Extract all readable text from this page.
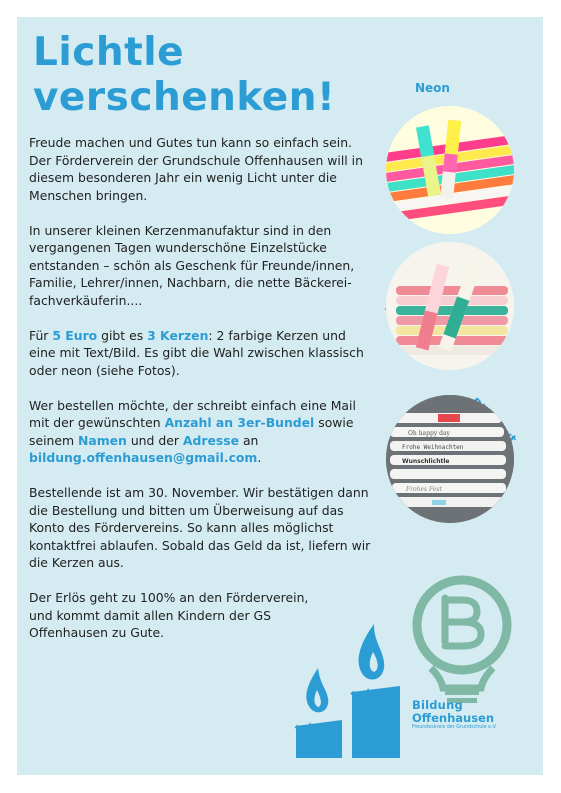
Lichtle
verschenken!

Freude machen und Gutes tun kann so einfach sein. Der Förderverein der Grundschule Offenhausen will in diesem besonderen Jahr ein wenig Licht unter die Menschen bringen.

In unserer kleinen Kerzenmanufaktur sind in den vergangenen Tagen wunderschöne Einzelstücke entstanden – schön als Geschenk für Freunde/innen, Familie, Lehrer/innen, Nachbarn, die nette Bäckerei-fachverkäuferin....

Für 5 Euro gibt es 3 Kerzen: 2 farbige Kerzen und eine mit Text/Bild. Es gibt die Wahl zwischen klassisch oder neon (siehe Fotos).

Wer bestellen möchte, der schreibt einfach eine Mail mit der gewünschten Anzahl an 3er-Bundel sowie seinem Namen und der Adresse an bildung.offenhausen@gmail.com.

Bestellende ist am 30. November. Wir bestätigen dann die Bestellung und bitten um Überweisung auf das Konto des Fördervereins. So kann alles möglichst kontaktfrei ablaufen. Sobald das Geld da ist, liefern wir die Kerzen aus.

Der Erlös geht zu 100% an den Förderverein, und kommt damit allen Kindern der GS Offenhausen zu Gute.

Neon
Oh happy day
Frohe Weihnachten
Wunschlichtle
Frohes Fest
Bildung
Offenhausen
Freundeskreis der Grundschule e.V.
